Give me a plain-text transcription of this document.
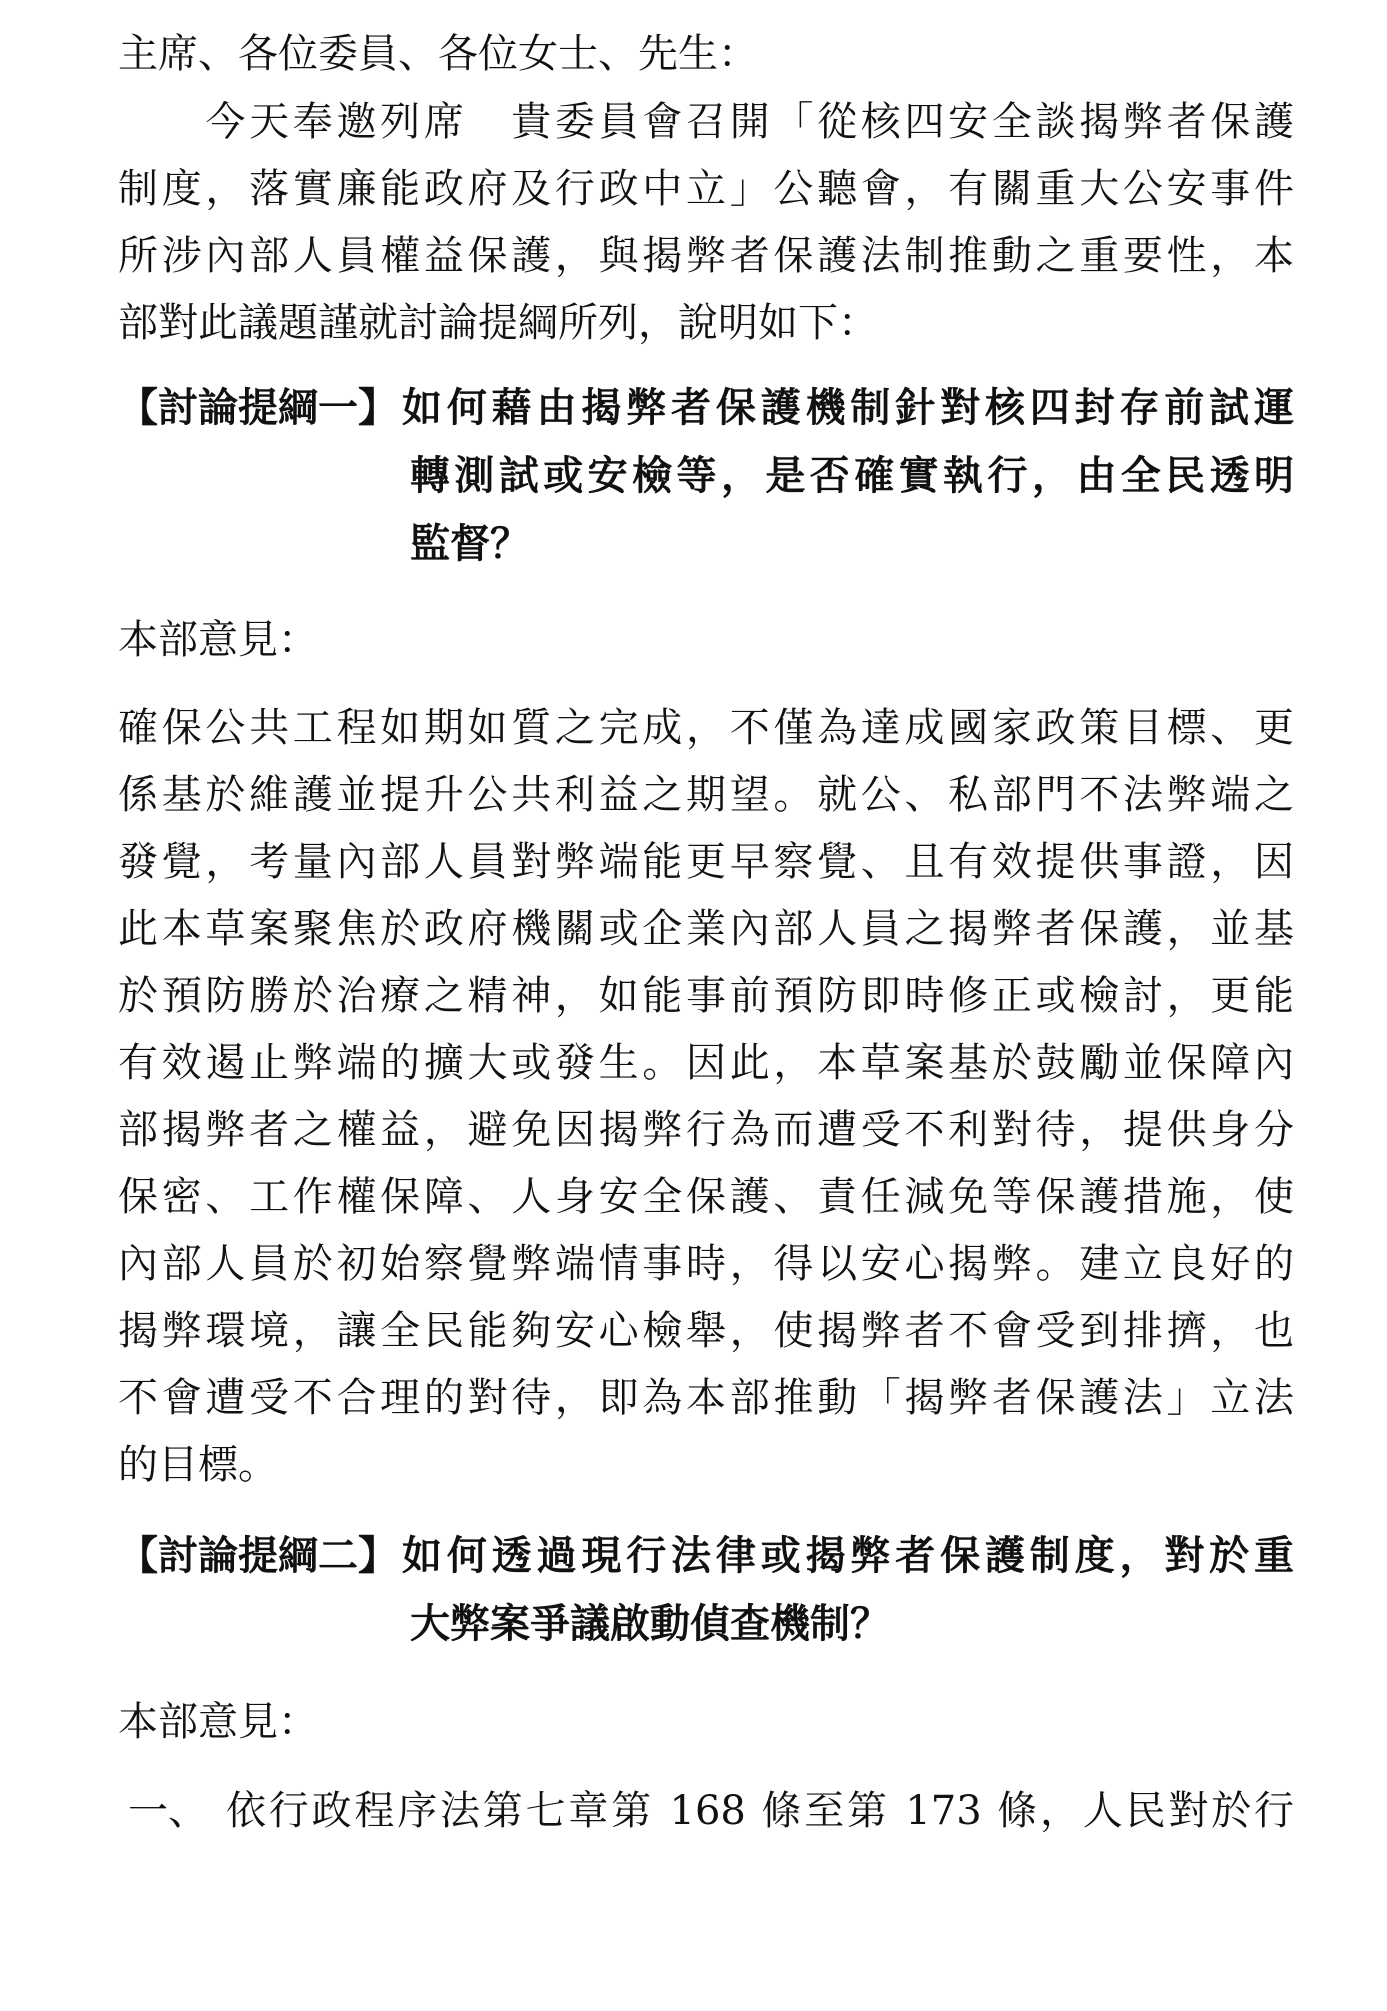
主席、各位委員、各位女士、先生：
　　今天奉邀列席　貴委員會召開「從核四安全談揭弊者保護
制度，落實廉能政府及行政中立」公聽會，有關重大公安事件
所涉內部人員權益保護，與揭弊者保護法制推動之重要性，本
部對此議題謹就討論提綱所列，說明如下：
【討論提綱一】 如何藉由揭弊者保護機制針對核四封存前試運
轉測試或安檢等，是否確實執行，由全民透明
監督？
本部意見：
確保公共工程如期如質之完成，不僅為達成國家政策目標、更
係基於維護並提升公共利益之期望。就公、私部門不法弊端之
發覺，考量內部人員對弊端能更早察覺、且有效提供事證，因
此本草案聚焦於政府機關或企業內部人員之揭弊者保護，並基
於預防勝於治療之精神，如能事前預防即時修正或檢討，更能
有效遏止弊端的擴大或發生。因此，本草案基於鼓勵並保障內
部揭弊者之權益，避免因揭弊行為而遭受不利對待，提供身分
保密、工作權保障、人身安全保護、責任減免等保護措施，使
內部人員於初始察覺弊端情事時，得以安心揭弊。建立良好的
揭弊環境，讓全民能夠安心檢舉，使揭弊者不會受到排擠，也
不會遭受不合理的對待，即為本部推動「揭弊者保護法」立法
的目標。
【討論提綱二】 如何透過現行法律或揭弊者保護制度，對於重
大弊案爭議啟動偵查機制？
本部意見：
一、 依行政程序法第七章第 168 條至第 173 條，人民對於行
